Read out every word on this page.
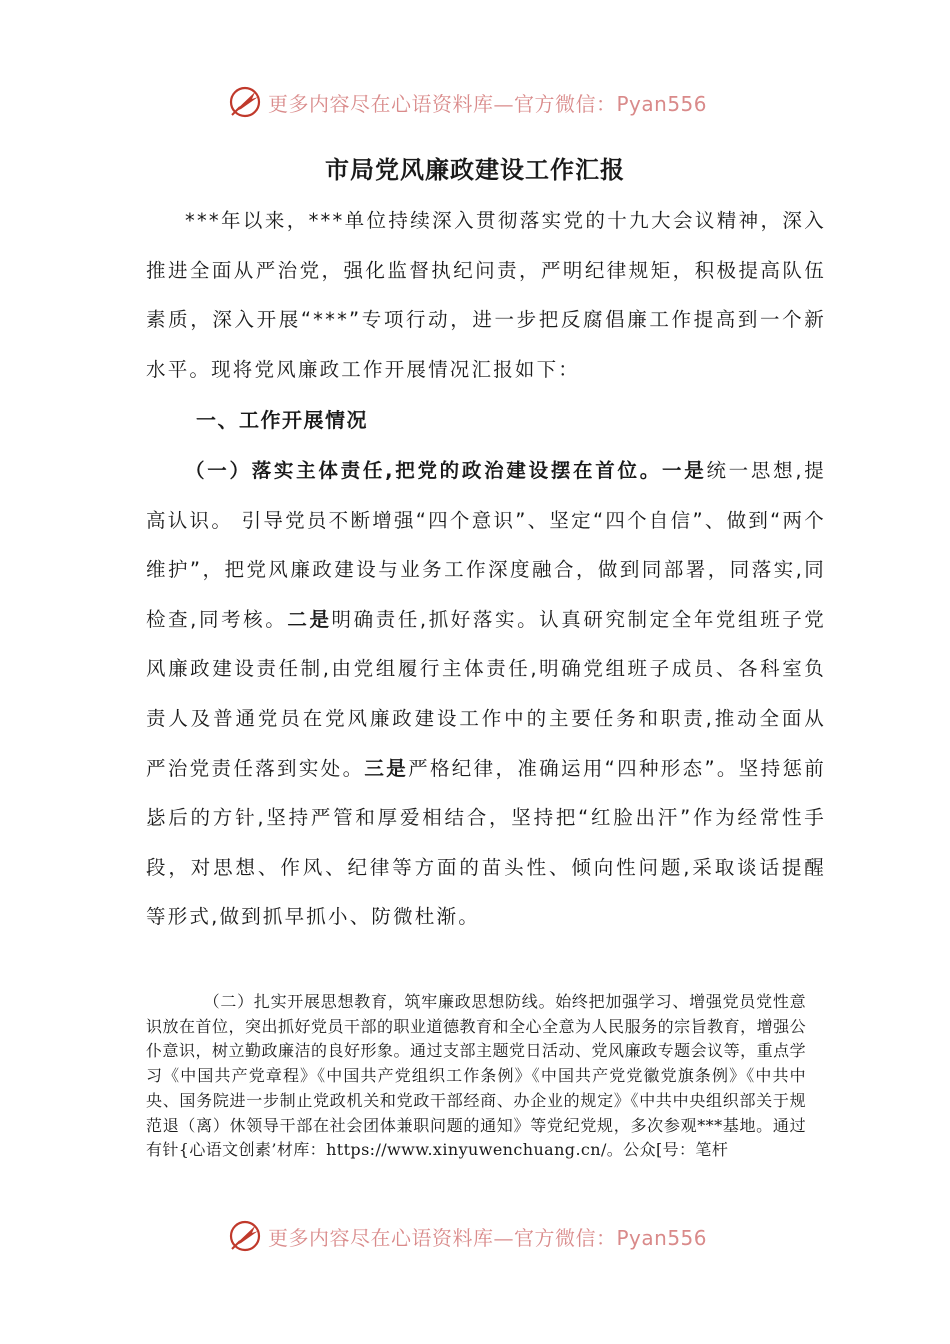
更多内容尽在心语资料库—官方微信：Pyan556
市局党风廉政建设工作汇报

***年以来，***单位持续深入贯彻落实党的十九大会议精神，深入推进全面从严治党，强化监督执纪问责，严明纪律规矩，积极提高队伍素质，深入开展“***”专项行动，进一步把反腐倡廉工作提高到一个新水平。现将党风廉政工作开展情况汇报如下：

一、工作开展情况

（一）落实主体责任,把党的政治建设摆在首位。一是统一思想,提高认识。 引导党员不断增强“四个意识”、坚定“四个自信”、做到“两个维护”，把党风廉政建设与业务工作深度融合，做到同部署，同落实,同检查,同考核。二是明确责任,抓好落实。认真研究制定全年党组班子党风廉政建设责任制,由党组履行主体责任,明确党组班子成员、各科室负责人及普通党员在党风廉政建设工作中的主要任务和职责,推动全面从严治党责任落到实处。三是严格纪律，准确运用“四种形态”。坚持惩前毖后的方针,坚持严管和厚爱相结合，坚持把“红脸出汗”作为经常性手段，对思想、作风、纪律等方面的苗头性、倾向性问题,采取谈话提醒等形式,做到抓早抓小、防微杜渐。

（二）扎实开展思想教育，筑牢廉政思想防线。始终把加强学习、增强党员党性意识放在首位，突出抓好党员干部的职业道德教育和全心全意为人民服务的宗旨教育，增强公仆意识，树立勤政廉洁的良好形象。通过支部主题党日活动、党风廉政专题会议等，重点学习《中国共产党章程》《中国共产党组织工作条例》《中国共产党党徽党旗条例》《中共中央、国务院进一步制止党政机关和党政干部经商、办企业的规定》《中共中央组织部关于规范退（离）休领导干部在社会团体兼职问题的通知》等党纪党规，多次参观***基地。通过有针{心语文创素’材库：https://www.xinyuwenchuang.cn/。公众[号：笔杆

更多内容尽在心语资料库—官方微信：Pyan556
